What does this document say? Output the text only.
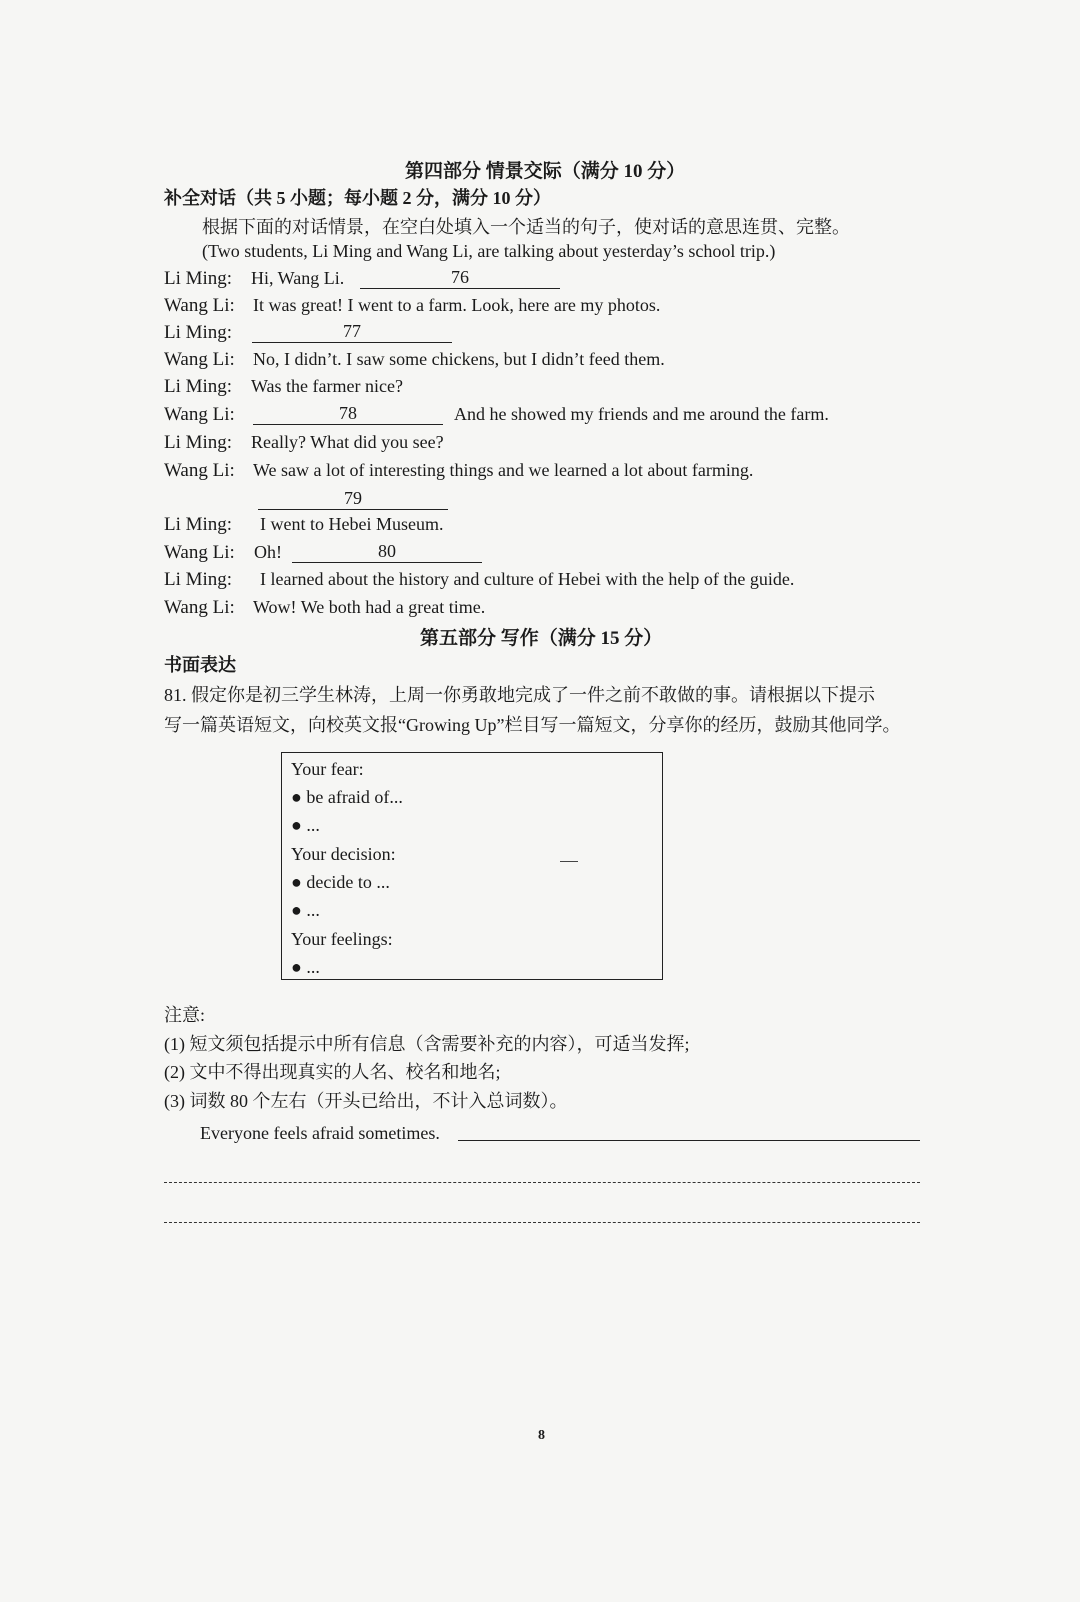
第四部分 情景交际（满分 10 分）
补全对话（共 5 小题；每小题 2 分，满分 10 分）
根据下面的对话情景，在空白处填入一个适当的句子，使对话的意思连贯、完整。
(Two students, Li Ming and Wang Li, are talking about yesterday’s school trip.)
Li Ming: Hi, Wang Li.	76
Wang Li: It was great! I went to a farm. Look, here are my photos.
Li Ming:	77
Wang Li: No, I didn’t. I saw some chickens, but I didn’t feed them.
Li Ming: Was the farmer nice?
Wang Li:	78	And he showed my friends and me around the farm.
Li Ming: Really? What did you see?
Wang Li: We saw a lot of interesting things and we learned a lot about farming.
79
Li Ming: I went to Hebei Museum.
Wang Li: Oh!	80
Li Ming: I learned about the history and culture of Hebei with the help of the guide.
Wang Li: Wow! We both had a great time.
第五部分 写作（满分 15 分）
书面表达
81. 假定你是初三学生林涛，上周一你勇敢地完成了一件之前不敢做的事。请根据以下提示
写一篇英语短文，向校英文报“Growing Up”栏目写一篇短文，分享你的经历，鼓励其他同学。
Your fear:
● be afraid of...
● ...
Your decision:
● decide to ...
● ...
Your feelings:
● ...
注意:
(1) 短文须包括提示中所有信息（含需要补充的内容），可适当发挥;
(2) 文中不得出现真实的人名、校名和地名;
(3) 词数 80 个左右（开头已给出，不计入总词数）。
Everyone feels afraid sometimes.
8
